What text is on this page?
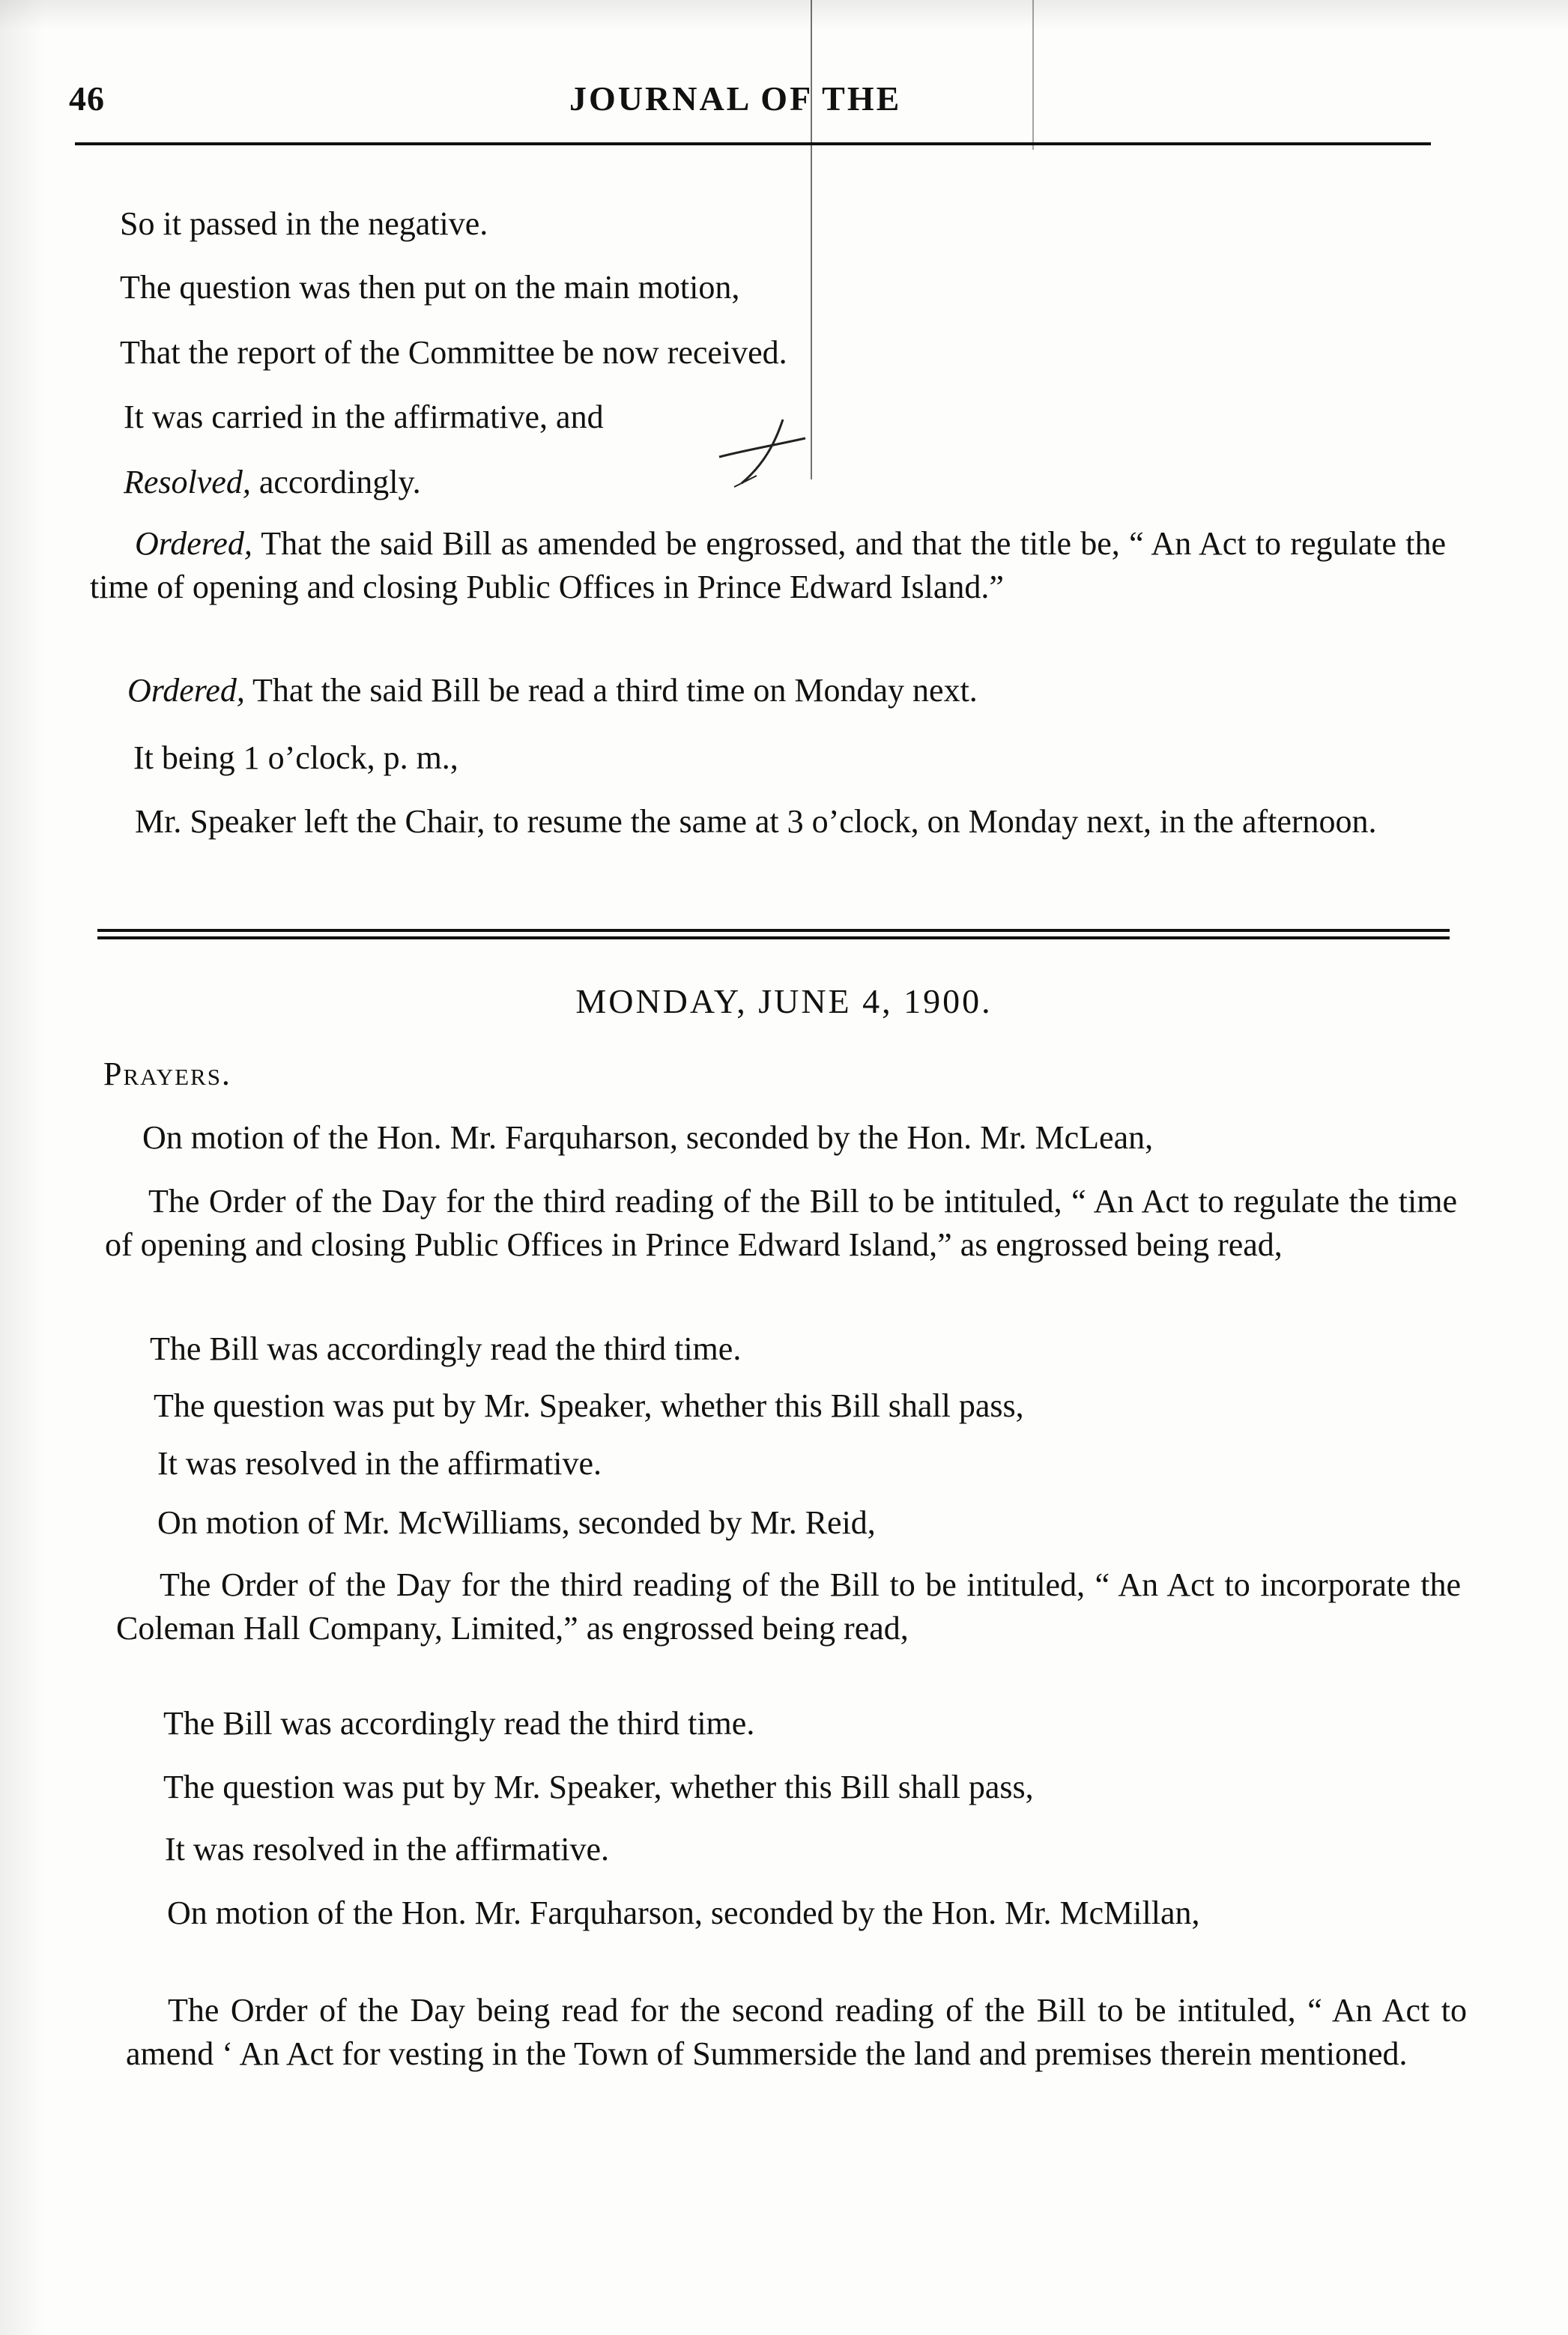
46	JOURNAL OF THE
So it passed in the negative.
The question was then put on the main motion,
That the report of the Committee be now received.
It was carried in the affirmative, and
Resolved, accordingly.
Ordered, That the said Bill as amended be engrossed, and that the title be, “ An Act to regulate the time of opening and closing Public Offices in Prince Edward Island.”
Ordered, That the said Bill be read a third time on Monday next.
It being 1 o’clock, p. m.,
Mr. Speaker left the Chair, to resume the same at 3 o’clock, on Monday next, in the afternoon.
MONDAY, JUNE 4, 1900.
Prayers.
On motion of the Hon. Mr. Farquharson, seconded by the Hon. Mr. McLean,
The Order of the Day for the third reading of the Bill to be intituled, “ An Act to regulate the time of opening and closing Public Offices in Prince Edward Island,” as engrossed being read,
The Bill was accordingly read the third time.
The question was put by Mr. Speaker, whether this Bill shall pass,
It was resolved in the affirmative.
On motion of Mr. McWilliams, seconded by Mr. Reid,
The Order of the Day for the third reading of the Bill to be intituled, “ An Act to incorporate the Coleman Hall Company, Limited,” as engrossed being read,
The Bill was accordingly read the third time.
The question was put by Mr. Speaker, whether this Bill shall pass,
It was resolved in the affirmative.
On motion of the Hon. Mr. Farquharson, seconded by the Hon. Mr. McMillan,
The Order of the Day being read for the second reading of the Bill to be intituled, “ An Act to amend ‘ An Act for vesting in the Town of Summerside the land and premises therein mentioned.
